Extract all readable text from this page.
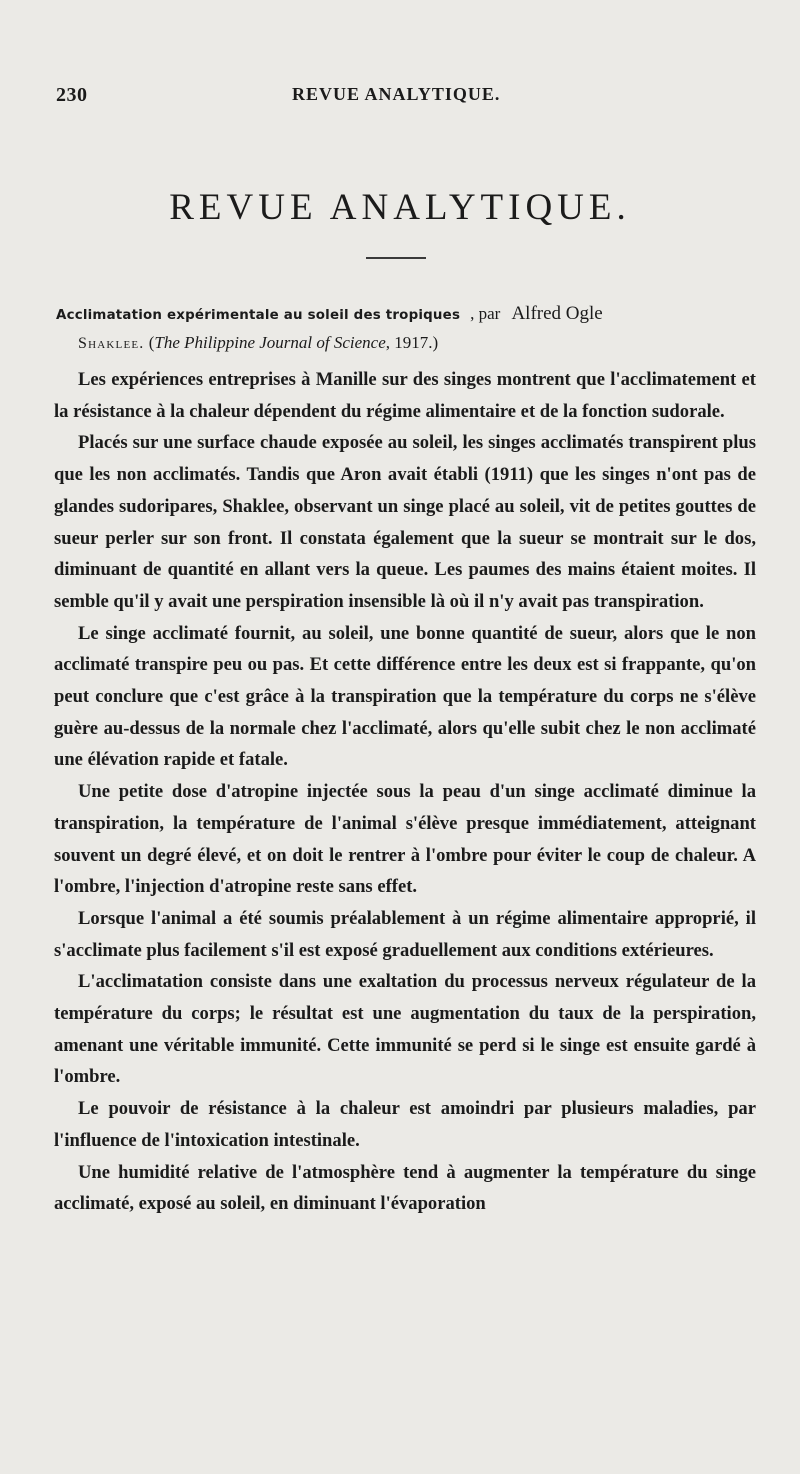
230	REVUE ANALYTIQUE.
REVUE ANALYTIQUE.
Acclimatation expérimentale au soleil des tropiques , par Alfred Ogle
Shaklee. (The Philippine Journal of Science, 1917.)

Les expériences entreprises à Manille sur des singes montrent que l'acclimatement et la résistance à la chaleur dépendent du régime alimentaire et de la fonction sudorale.

Placés sur une surface chaude exposée au soleil, les singes acclimatés transpirent plus que les non acclimatés. Tandis que Aron avait établi (1911) que les singes n'ont pas de glandes sudoripares, Shaklee, observant un singe placé au soleil, vit de petites gouttes de sueur perler sur son front. Il constata également que la sueur se montrait sur le dos, diminuant de quantité en allant vers la queue. Les paumes des mains étaient moites. Il semble qu'il y avait une perspiration insensible là où il n'y avait pas transpiration.

Le singe acclimaté fournit, au soleil, une bonne quantité de sueur, alors que le non acclimaté transpire peu ou pas. Et cette différence entre les deux est si frappante, qu'on peut conclure que c'est grâce à la transpiration que la température du corps ne s'élève guère au-dessus de la normale chez l'acclimaté, alors qu'elle subit chez le non acclimaté une élévation rapide et fatale.

Une petite dose d'atropine injectée sous la peau d'un singe acclimaté diminue la transpiration, la température de l'animal s'élève presque immédiatement, atteignant souvent un degré élevé, et on doit le rentrer à l'ombre pour éviter le coup de chaleur. A l'ombre, l'injection d'atropine reste sans effet.

Lorsque l'animal a été soumis préalablement à un régime alimentaire approprié, il s'acclimate plus facilement s'il est exposé graduellement aux conditions extérieures.

L'acclimatation consiste dans une exaltation du processus nerveux régulateur de la température du corps; le résultat est une augmentation du taux de la perspiration, amenant une véritable immunité. Cette immunité se perd si le singe est ensuite gardé à l'ombre.

Le pouvoir de résistance à la chaleur est amoindri par plusieurs maladies, par l'influence de l'intoxication intestinale.

Une humidité relative de l'atmosphère tend à augmenter la température du singe acclimaté, exposé au soleil, en diminuant l'évaporation
